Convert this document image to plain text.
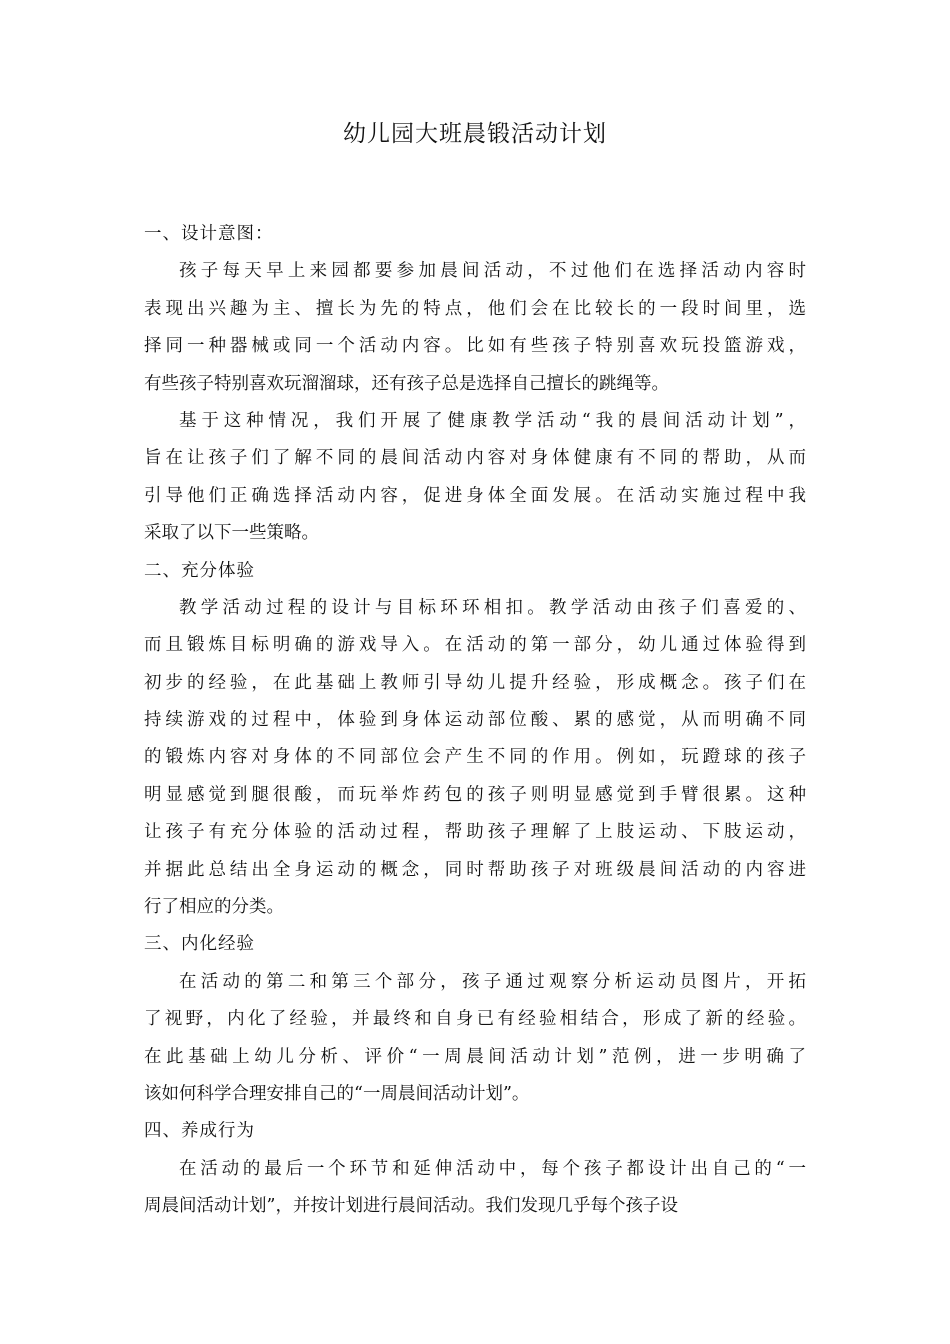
幼儿园大班晨锻活动计划
一、设计意图：
孩子每天早上来园都要参加晨间活动，不过他们在选择活动内容时
表现出兴趣为主、擅长为先的特点，他们会在比较长的一段时间里，选
择同一种器械或同一个活动内容。比如有些孩子特别喜欢玩投篮游戏，
有些孩子特别喜欢玩溜溜球，还有孩子总是选择自己擅长的跳绳等。
基于这种情况，我们开展了健康教学活动“我的晨间活动计划”，
旨在让孩子们了解不同的晨间活动内容对身体健康有不同的帮助，从而
引导他们正确选择活动内容，促进身体全面发展。在活动实施过程中我
采取了以下一些策略。
二、充分体验
教学活动过程的设计与目标环环相扣。教学活动由孩子们喜爱的、
而且锻炼目标明确的游戏导入。在活动的第一部分，幼儿通过体验得到
初步的经验，在此基础上教师引导幼儿提升经验，形成概念。孩子们在
持续游戏的过程中，体验到身体运动部位酸、累的感觉，从而明确不同
的锻炼内容对身体的不同部位会产生不同的作用。例如，玩蹬球的孩子
明显感觉到腿很酸，而玩举炸药包的孩子则明显感觉到手臂很累。这种
让孩子有充分体验的活动过程，帮助孩子理解了上肢运动、下肢运动，
并据此总结出全身运动的概念，同时帮助孩子对班级晨间活动的内容进
行了相应的分类。
三、内化经验
在活动的第二和第三个部分，孩子通过观察分析运动员图片，开拓
了视野，内化了经验，并最终和自身已有经验相结合，形成了新的经验。
在此基础上幼儿分析、评价“一周晨间活动计划”范例，进一步明确了
该如何科学合理安排自己的“一周晨间活动计划”。
四、养成行为
在活动的最后一个环节和延伸活动中，每个孩子都设计出自己的“一
周晨间活动计划”，并按计划进行晨间活动。我们发现几乎每个孩子设
